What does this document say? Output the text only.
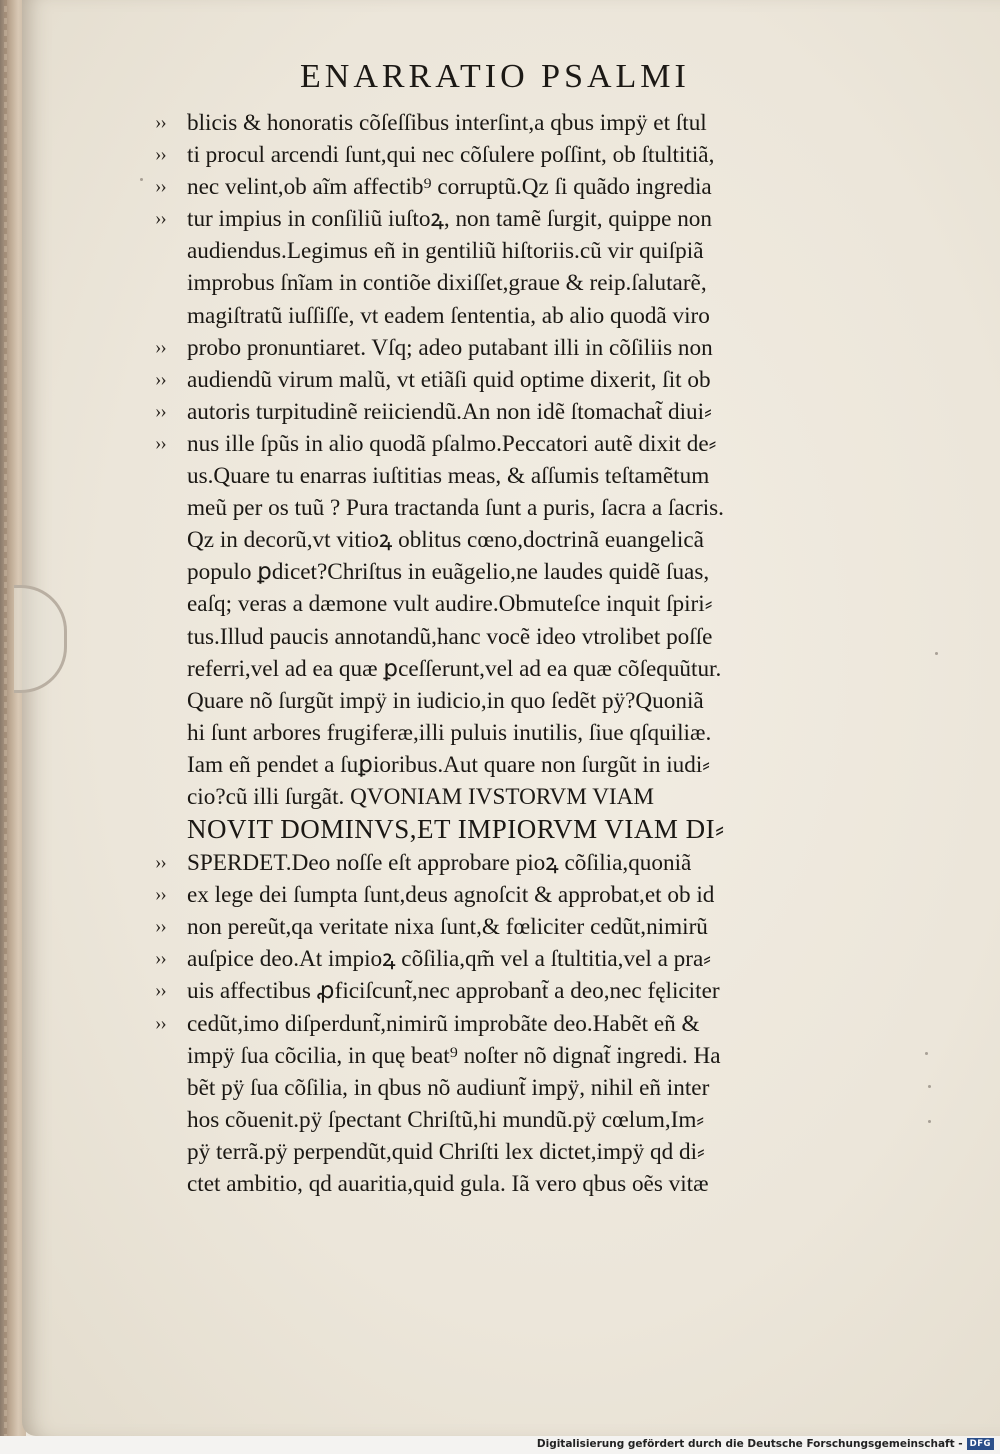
ENARRATIO PSALMI
›› blicis & honoratis cõſeſſibus interſint,a qbus impÿ et ſtul
›› ti procul arcendi ſunt,qui nec cõſulere poſſint, ob ſtultitiã,
›› nec velint,ob aĩm affectib⁹ corruptũ.Qz ſi quãdo ingredia
›› tur impius in conſiliũ iuſtoꝝ, non tamẽ ſurgit, quippe non
audiendus.Legimus eñ in gentiliũ hiſtoriis.cũ vir quiſpiã
improbus ſnĩam in contiõe dixiſſet,graue & reip.ſalutarẽ,
magiſtratũ iuſſiſſe, vt eadem ſententia, ab alio quodã viro
›› probo pronuntiaret. Vſq; adeo putabant illi in cõſiliis non
›› audiendũ virum malũ, vt etiãſi quid optime dixerit, ſit ob
›› autoris turpitudinẽ reiiciendũ.An non idẽ ſtomachat̃ diui⸗
›› nus ille ſpũs in alio quodã pſalmo.Peccatori autẽ dixit de⸗
us.Quare tu enarras iuſtitias meas, & aſſumis teſtamẽtum
meũ per os tuũ ? Pura tractanda ſunt a puris, ſacra a ſacris.
Qz in decorũ,vt vitioꝝ oblitus cœno,doctrinã euangelicã
populo ꝑdicet?Chriſtus in euãgelio,ne laudes quidẽ ſuas,
eaſq; veras a dæmone vult audire.Obmuteſce inquit ſpiri⸗
tus.Illud paucis annotandũ,hanc vocẽ ideo vtrolibet poſſe
referri,vel ad ea quæ ꝑceſſerunt,vel ad ea quæ cõſequũtur.
Quare nõ ſurgũt impÿ in iudicio,in quo ſedẽt pÿ?Quoniã
hi ſunt arbores frugiferæ,illi puluis inutilis, ſiue qſquiliæ.
Iam eñ pendet a ſuꝑioribus.Aut quare non ſurgũt in iudi⸗
cio?cũ illi ſurgãt. QVONIAM IVSTORVM VIAM
NOVIT DOMINVS,ET IMPIORVM VIAM DI⸗
›› SPERDET.Deo noſſe eſt approbare pioꝝ cõſilia,quoniã
›› ex lege dei ſumpta ſunt,deus agnoſcit & approbat,et ob id
›› non pereũt,qa veritate nixa ſunt,& fœliciter cedũt,nimirũ
›› auſpice deo.At impioꝝ cõſilia,qm̃ vel a ſtultitia,vel a pra⸗
›› uis affectibus ꝓficiſcunt̃,nec approbant̃ a deo,nec fęliciter
›› cedũt,imo diſperdunt̃,nimirũ improbãte deo.Habẽt eñ &
impÿ ſua cõcilia, in quę beat⁹ noſter nõ dignat̃ ingredi. Ha
bẽt pÿ ſua cõſilia, in qbus nõ audiunt̃ impÿ, nihil eñ inter
hos cõuenit.pÿ ſpectant Chriſtũ,hi mundũ.pÿ cœlum,Im⸗
pÿ terrã.pÿ perpendũt,quid Chriſti lex dictet,impÿ qd di⸗
ctet ambitio, qd auaritia,quid gula. Iã vero qbus oẽs vitæ
Digitalisierung gefördert durch die Deutsche Forschungsgemeinschaft - DFG
